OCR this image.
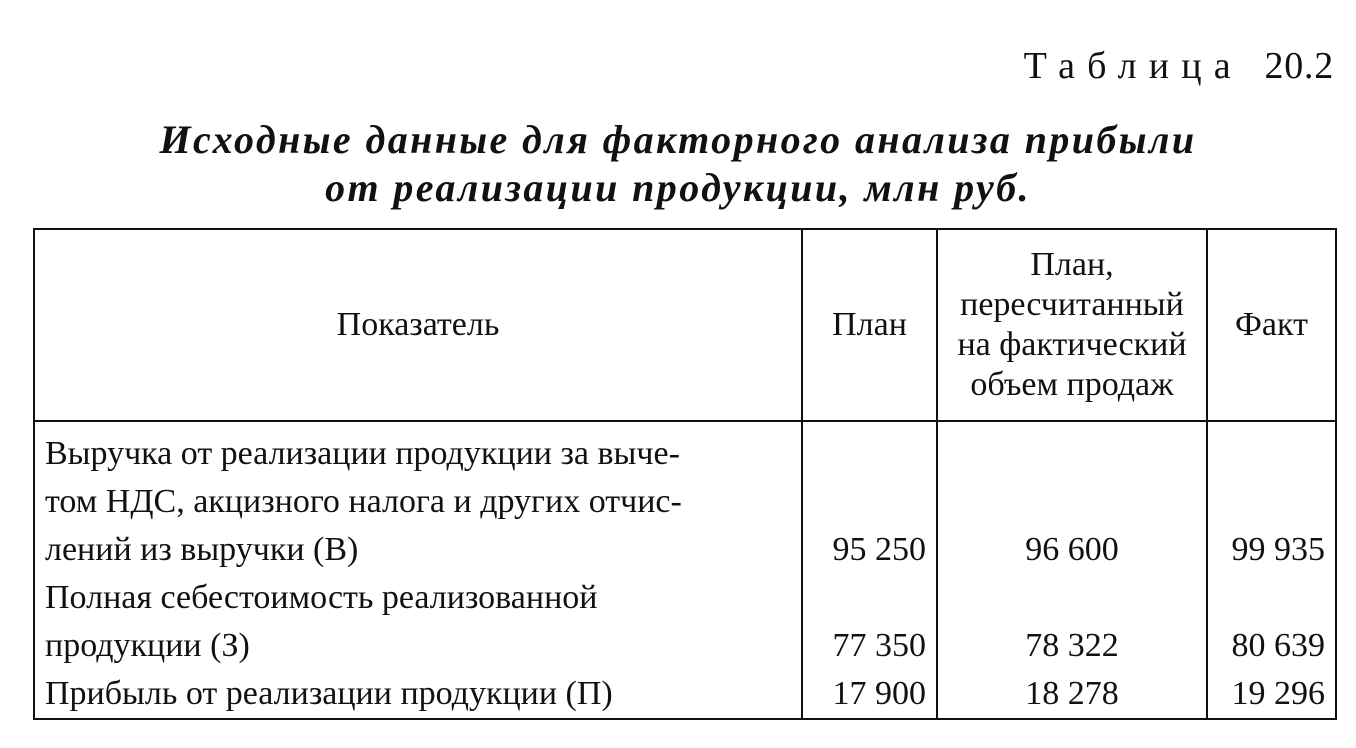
Таблица 20.2
Исходные данные для факторного анализа прибыли
от реализации продукции, млн руб.
Показатель	План	План,
пересчитанный
на фактический
объем продаж	Факт

Выручка от реализации продукции за выче-
том НДС, акцизного налога и других отчис-
лений из выручки (В)	95 250	96 600	99 935

Полная себестоимость реализованной
продукции (З)	77 350	78 322	80 639

Прибыль от реализации продукции (П)	17 900	18 278	19 296
